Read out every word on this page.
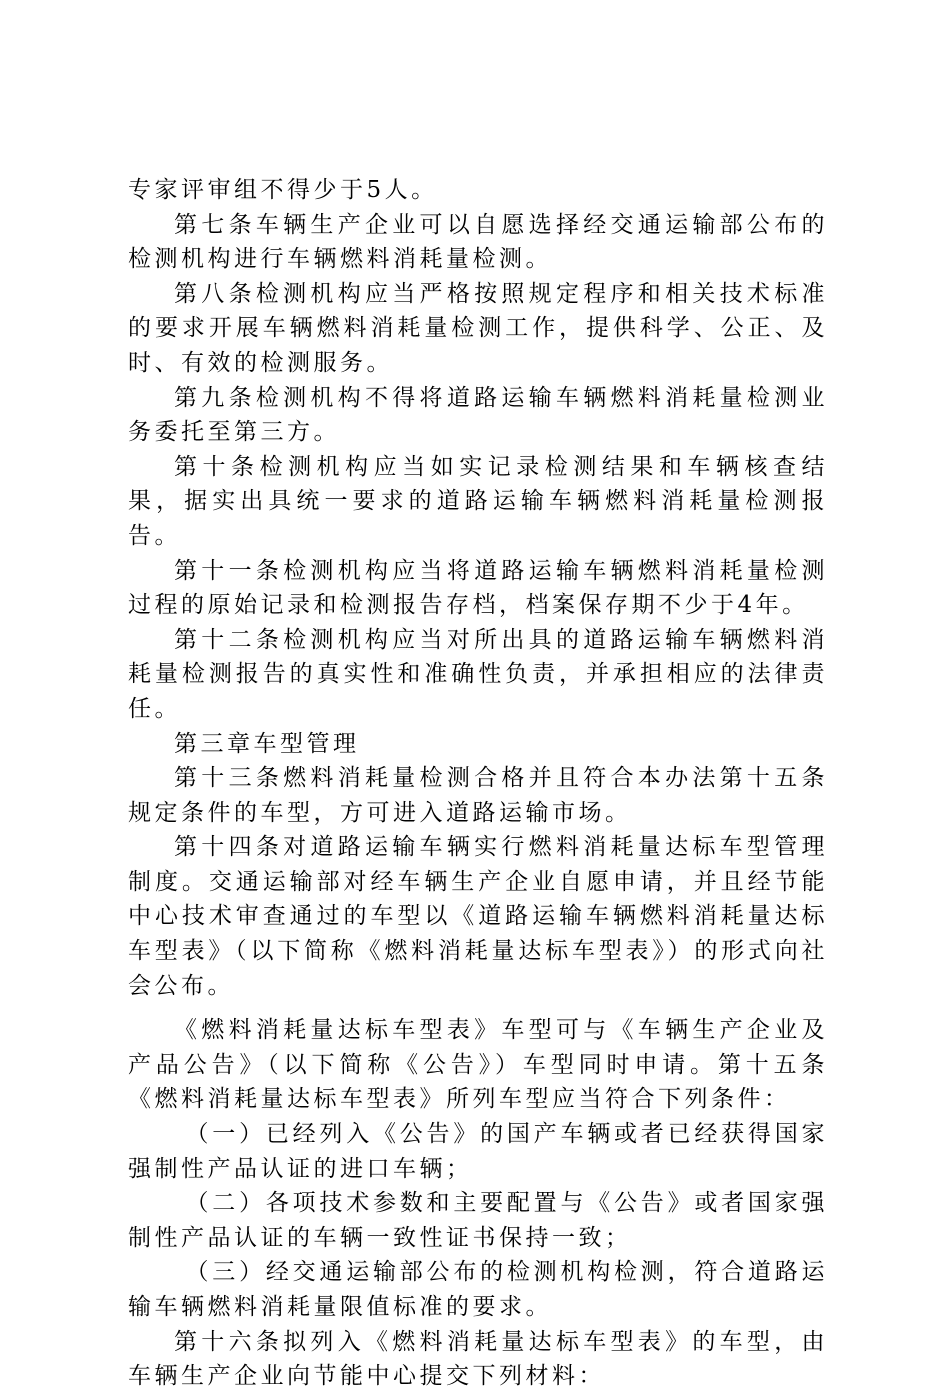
专家评审组不得少于5人。

第七条车辆生产企业可以自愿选择经交通运输部公布的检测机构进行车辆燃料消耗量检测。

第八条检测机构应当严格按照规定程序和相关技术标准的要求开展车辆燃料消耗量检测工作，提供科学、公正、及时、有效的检测服务。

第九条检测机构不得将道路运输车辆燃料消耗量检测业务委托至第三方。

第十条检测机构应当如实记录检测结果和车辆核查结果，据实出具统一要求的道路运输车辆燃料消耗量检测报告。

第十一条检测机构应当将道路运输车辆燃料消耗量检测过程的原始记录和检测报告存档，档案保存期不少于4年。

第十二条检测机构应当对所出具的道路运输车辆燃料消耗量检测报告的真实性和准确性负责，并承担相应的法律责任。

第三章车型管理

第十三条燃料消耗量检测合格并且符合本办法第十五条规定条件的车型，方可进入道路运输市场。

第十四条对道路运输车辆实行燃料消耗量达标车型管理制度。交通运输部对经车辆生产企业自愿申请，并且经节能中心技术审查通过的车型以《道路运输车辆燃料消耗量达标车型表》（以下简称《燃料消耗量达标车型表》）的形式向社会公布。

《燃料消耗量达标车型表》车型可与《车辆生产企业及产品公告》（以下简称《公告》）车型同时申请。第十五条《燃料消耗量达标车型表》所列车型应当符合下列条件：

（一）已经列入《公告》的国产车辆或者已经获得国家强制性产品认证的进口车辆；

（二）各项技术参数和主要配置与《公告》或者国家强制性产品认证的车辆一致性证书保持一致；

（三）经交通运输部公布的检测机构检测，符合道路运输车辆燃料消耗量限值标准的要求。

第十六条拟列入《燃料消耗量达标车型表》的车型，由车辆生产企业向节能中心提交下列材料：
